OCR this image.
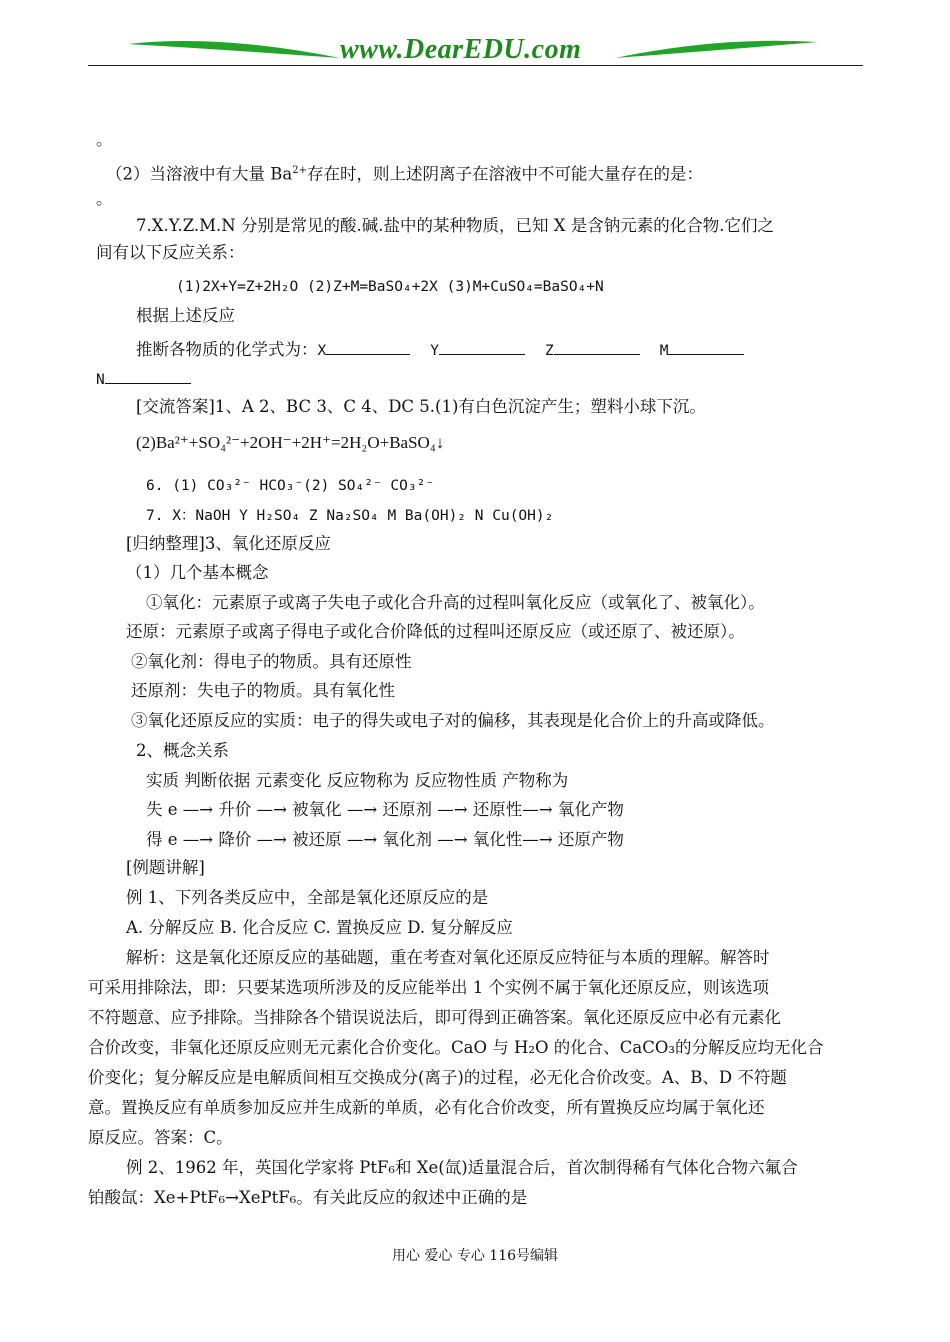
www.DearEDU.com
。
（2）当溶液中有大量 $Ba^{2+}$存在时，则上述阴离子在溶液中不可能大量存在的是：
。
7.X.Y.Z.M.N 分别是常见的酸.碱.盐中的某种物质，已知 X 是含钠元素的化合物.它们之
间有以下反应关系：
(1)2X+Y=Z+2H₂O (2)Z+M=BaSO₄+2X (3)M+CuSO₄=BaSO₄+N
根据上述反应
推断各物质的化学式为：X	Y	Z	M
N
[交流答案]1、A 2、BC 3、C 4、DC 5.(1)有白色沉淀产生；塑料小球下沉。
(2)Ba²⁺+SO₄²⁻+2OH⁻+2H⁺=2H₂O+BaSO₄↓
6. (1) CO₃²⁻ HCO₃⁻(2) SO₄²⁻ CO₃²⁻
7. X：NaOH Y H₂SO₄ Z Na₂SO₄ M Ba(OH)₂ N Cu(OH)₂
[归纳整理]3、氧化还原反应
（1）几个基本概念
①氧化：元素原子或离子失电子或化合升高的过程叫氧化反应（或氧化了、被氧化）。
还原：元素原子或离子得电子或化合价降低的过程叫还原反应（或还原了、被还原）。
②氧化剂：得电子的物质。具有还原性
还原剂：失电子的物质。具有氧化性
③氧化还原反应的实质：电子的得失或电子对的偏移，其表现是化合价上的升高或降低。
2、概念关系
实质 判断依据 元素变化 反应物称为 反应物性质 产物称为
失 e —→ 升价 —→ 被氧化 —→ 还原剂 —→ 还原性—→ 氧化产物
得 e —→ 降价 —→ 被还原 —→ 氧化剂 —→ 氧化性—→ 还原产物
[例题讲解]
例 1、下列各类反应中，全部是氧化还原反应的是
A. 分解反应 B. 化合反应 C. 置换反应 D. 复分解反应
解析：这是氧化还原反应的基础题，重在考查对氧化还原反应特征与本质的理解。解答时
可采用排除法，即：只要某选项所涉及的反应能举出 1 个实例不属于氧化还原反应，则该选项
不符题意、应予排除。当排除各个错误说法后，即可得到正确答案。氧化还原反应中必有元素化
合价改变，非氧化还原反应则无元素化合价变化。CaO 与 H₂O 的化合、CaCO₃的分解反应均无化合
价变化；复分解反应是电解质间相互交换成分(离子)的过程，必无化合价改变。A、B、D 不符题
意。置换反应有单质参加反应并生成新的单质，必有化合价改变，所有置换反应均属于氧化还
原反应。答案：C。
例 2、1962 年，英国化学家将 PtF₆和 Xe(氙)适量混合后，首次制得稀有气体化合物六氟合
铂酸氙：Xe+PtF₆→XePtF₆。有关此反应的叙述中正确的是
用心 爱心 专心 116号编辑
